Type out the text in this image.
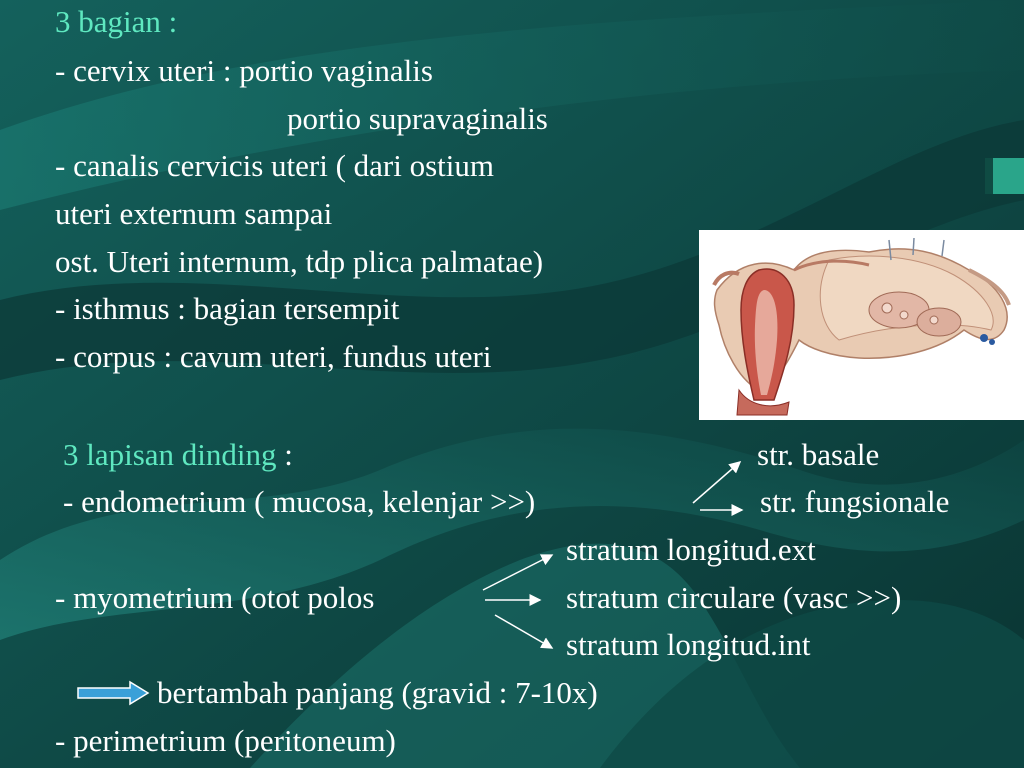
3 bagian :
- cervix uteri : portio vaginalis
portio supravaginalis
- canalis cervicis uteri ( dari ostium
uteri externum sampai
ost. Uteri internum, tdp plica palmatae)
- isthmus : bagian tersempit
- corpus : cavum uteri, fundus uteri
3 lapisan dinding :	str. basale
- endometrium ( mucosa, kelenjar >>)	str. fungsionale
stratum longitud.ext
- myometrium (otot polos	stratum circulare (vasc >>)
stratum longitud.int
bertambah panjang (gravid : 7-10x)
- perimetrium (peritoneum)
